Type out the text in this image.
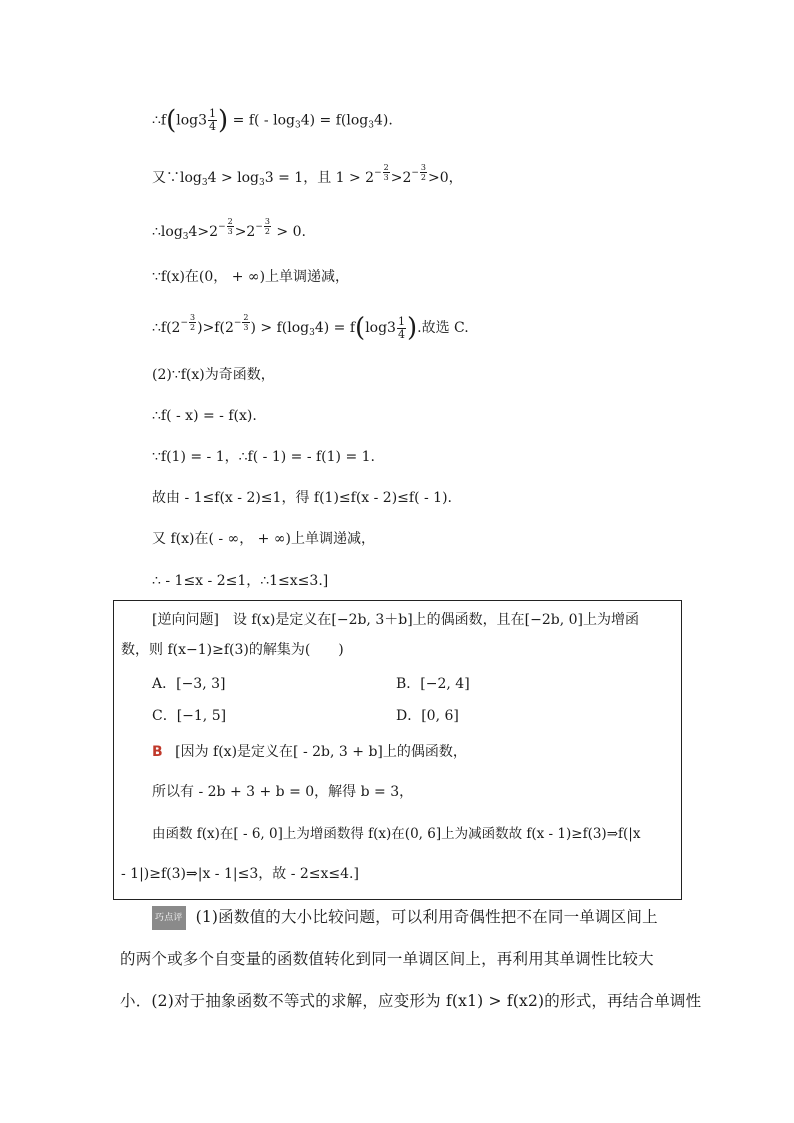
∴f(log3 $\frac{1}{4}$ ) = $f( - \log_34) = f(\log_34)$.
又$\because\log_34 > \log_33 = 1$，且 $1 > 2^{- \frac{2}{3}} >2^{- \frac{3}{2}} >0$，
$\therefore\log_34>2^{- \frac{2}{3}} >2^{- \frac{3}{2}} > 0$.
∵f(x)在(0， + ∞)上单调递减，
$\therefore f(2^{- \frac{3}{2}}$ )$>f(2^{- \frac{2}{3}}$ ) > $f(\log_34) = f(\log 3 \frac{1}{4}$ ).故选 C.
(2)∵f(x)为奇函数，
∴f( - x) = - f(x).
∵f(1) = - 1，∴f( - 1) = - f(1) = 1.
故由 - 1≤f(x - 2)≤1，得 f(1)≤f(x - 2)≤f( - 1).
又 f(x)在( - ∞， + ∞)上单调递减，
∴ - 1≤x - 2≤1，∴1≤x≤3.]
[逆向问题]　设 f(x)是定义在[−2b, 3＋b]上的偶函数，且在[−2b, 0]上为增函
数，则 f(x−1)≥f(3)的解集为(　　)
A．[−3, 3]	B．[−2, 4]
C．[−1, 5]	D．[0, 6]
B [因为 f(x)是定义在[ - 2b, 3 + b]上的偶函数，
所以有 - 2b + 3 + b = 0，解得 b = 3，
由函数 f(x)在[ - 6, 0]上为增函数得 f(x)在(0, 6]上为减函数故 f(x - 1)≥f(3)⇒f(|x
- 1|)≥f(3)⇒|x - 1|≤3，故 - 2≤x≤4.]
巧点评 (1)函数值的大小比较问题，可以利用奇偶性把不在同一单调区间上
的两个或多个自变量的函数值转化到同一单调区间上，再利用其单调性比较大
小．(2)对于抽象函数不等式的求解，应变形为 f(x1) > f(x2)的形式，再结合单调性
